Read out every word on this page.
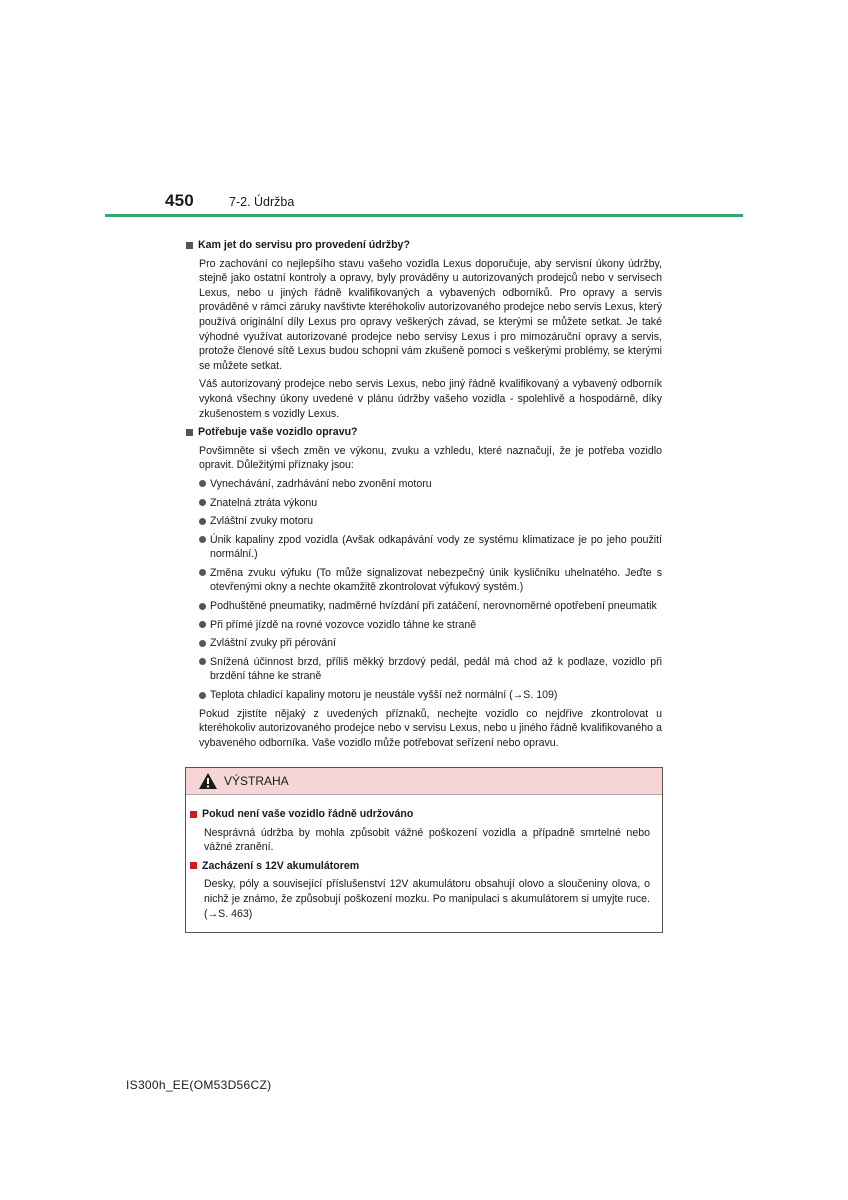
450	7-2. Údržba
Kam jet do servisu pro provedení údržby?

Pro zachování co nejlepšího stavu vašeho vozidla Lexus doporučuje, aby servisní úkony údržby, stejně jako ostatní kontroly a opravy, byly prováděny u autorizovaných prodejců nebo v servisech Lexus, nebo u jiných řádně kvalifikovaných a vybavených odborníků. Pro opravy a servis prováděné v rámci záruky navštivte kteréhokoliv autorizovaného prodejce nebo servis Lexus, který používá originální díly Lexus pro opravy veškerých závad, se kterými se můžete setkat. Je také výhodné využívat autorizované prodejce nebo servisy Lexus i pro mimozáruční opravy a servis, protože členové sítě Lexus budou schopni vám zkušeně pomoci s veškerými problémy, se kterými se můžete setkat.

Váš autorizovaný prodejce nebo servis Lexus, nebo jiný řádně kvalifikovaný a vybavený odborník vykoná všechny úkony uvedené v plánu údržby vašeho vozidla - spolehlivě a hospodárně, díky zkušenostem s vozidly Lexus.

Potřebuje vaše vozidlo opravu?

Povšimněte si všech změn ve výkonu, zvuku a vzhledu, které naznačují, že je potřeba vozidlo opravit. Důležitými příznaky jsou:

Vynechávání, zadrhávání nebo zvonění motoru
Znatelná ztráta výkonu
Zvláštní zvuky motoru
Únik kapaliny zpod vozidla (Avšak odkapávání vody ze systému klimatizace je po jeho použití normální.)
Změna zvuku výfuku (To může signalizovat nebezpečný únik kysličníku uhelnatého. Jeďte s otevřenými okny a nechte okamžitě zkontrolovat výfukový systém.)
Podhuštěné pneumatiky, nadměrné hvízdání při zatáčení, nerovnoměrné opotřebení pneumatik
Při přímé jízdě na rovné vozovce vozidlo táhne ke straně
Zvláštní zvuky při pérování
Snížená účinnost brzd, příliš měkký brzdový pedál, pedál má chod až k podlaze, vozidlo při brzdění táhne ke straně
Teplota chladicí kapaliny motoru je neustále vyšší než normální (→S. 109)

Pokud zjistíte nějaký z uvedených příznaků, nechejte vozidlo co nejdříve zkontrolovat u kteréhokoliv autorizovaného prodejce nebo v servisu Lexus, nebo u jiného řádně kvalifikovaného a vybaveného odborníka. Vaše vozidlo může potřebovat seřízení nebo opravu.

VÝSTRAHA
Pokud není vaše vozidlo řádně udržováno

Nesprávná údržba by mohla způsobit vážné poškození vozidla a případně smrtelné nebo vážné zranění.

Zacházení s 12V akumulátorem

Desky, póly a související příslušenství 12V akumulátoru obsahují olovo a sloučeniny olova, o nichž je známo, že způsobují poškození mozku. Po manipulaci s akumulátorem si umyjte ruce. (→S. 463)

IS300h_EE(OM53D56CZ)
